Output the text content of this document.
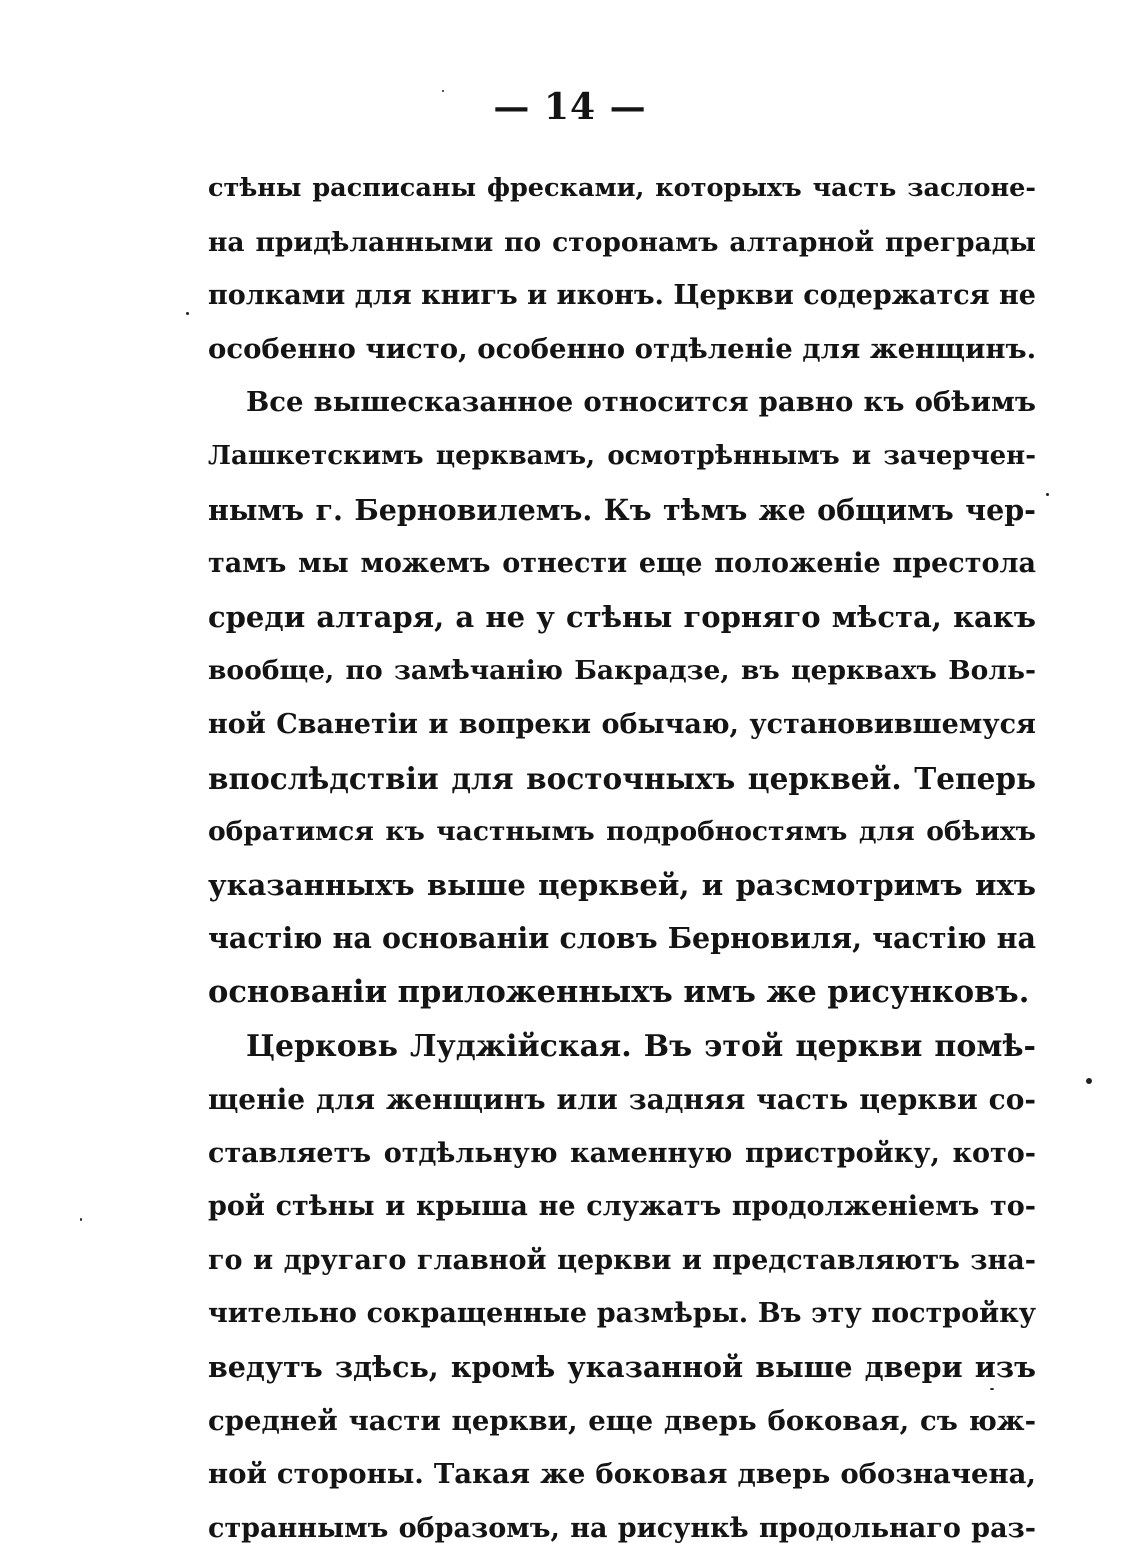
— 14 —

стѣны расписаны фресками, которыхъ часть заслоне-
на придѣланными по сторонамъ алтарной преграды
полками для книгъ и иконъ. Церкви содержатся не
особенно чисто, особенно отдѣленіе для женщинъ.
Все вышесказанное относится равно къ обѣимъ
Лашкетскимъ церквамъ, осмотрѣннымъ и зачерчен-
нымъ г. Берновилемъ. Къ тѣмъ же общимъ чер-
тамъ мы можемъ отнести еще положеніе престола
среди алтаря, а не у стѣны горняго мѣста, какъ
вообще, по замѣчанію Бакрадзе, въ церквахъ Воль-
ной Сванетіи и вопреки обычаю, установившемуся
впослѣдствіи для восточныхъ церквей. Теперь
обратимся къ частнымъ подробностямъ для обѣихъ
указанныхъ выше церквей, и разсмотримъ ихъ
частію на основаніи словъ Берновиля, частію на
основаніи приложенныхъ имъ же рисунковъ.
Церковь Луджійская. Въ этой церкви помѣ-
щеніе для женщинъ или задняя часть церкви со-
ставляетъ отдѣльную каменную пристройку, кото-
рой стѣны и крыша не служатъ продолженіемъ то-
го и другаго главной церкви и представляютъ зна-
чительно сокращенные размѣры. Въ эту постройку
ведутъ здѣсь, кромѣ указанной выше двери изъ
средней части церкви, еще дверь боковая, съ юж-
ной стороны. Такая же боковая дверь обозначена,
страннымъ образомъ, на рисункѣ продольнаго раз-
